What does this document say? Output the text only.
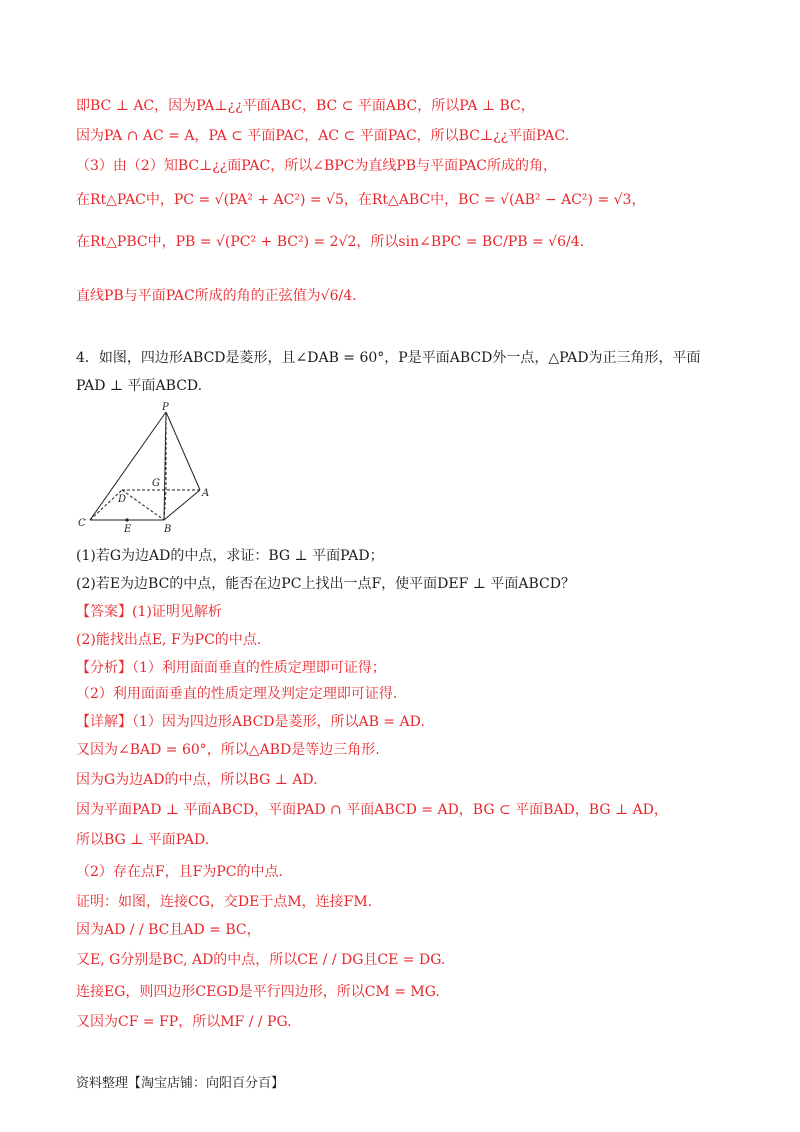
即BC ⊥ AC，因为PA⊥¿¿平面ABC，BC ⊂ 平面ABC，所以PA ⊥ BC，
因为PA ∩ AC = A，PA ⊂ 平面PAC，AC ⊂ 平面PAC，所以BC⊥¿¿平面PAC.
（3）由（2）知BC⊥¿¿面PAC，所以∠BPC为直线PB与平面PAC所成的角，
在Rt△PAC中，PC = √(PA² + AC²) = √5，在Rt△ABC中，BC = √(AB² − AC²) = √3，
在Rt△PBC中，PB = √(PC² + BC²) = 2√2，所以sin∠BPC = BC/PB = √6/4.
直线PB与平面PAC所成的角的正弦值为√6/4.
4．如图，四边形ABCD是菱形，且∠DAB = 60°，P是平面ABCD外一点，△PAD为正三角形，平面
PAD ⊥ 平面ABCD.
P
D
G
A
C
E	B
(1)若G为边AD的中点，求证：BG ⊥ 平面PAD；
(2)若E为边BC的中点，能否在边PC上找出一点F，使平面DEF ⊥ 平面ABCD？
【答案】(1)证明见解析
(2)能找出点E, F为PC的中点.
【分析】（1）利用面面垂直的性质定理即可证得；
（2）利用面面垂直的性质定理及判定定理即可证得.
【详解】（1）因为四边形ABCD是菱形，所以AB = AD.
又因为∠BAD = 60°，所以△ABD是等边三角形.
因为G为边AD的中点，所以BG ⊥ AD.
因为平面PAD ⊥ 平面ABCD，平面PAD ∩ 平面ABCD = AD，BG ⊂ 平面BAD，BG ⊥ AD，
所以BG ⊥ 平面PAD.
（2）存在点F，且F为PC的中点.
证明：如图，连接CG，交DE于点M，连接FM.
因为AD / / BC且AD = BC，
又E, G分别是BC, AD的中点，所以CE / / DG且CE = DG.
连接EG，则四边形CEGD是平行四边形，所以CM = MG.
又因为CF = FP，所以MF / / PG.
资料整理【淘宝店铺：向阳百分百】
